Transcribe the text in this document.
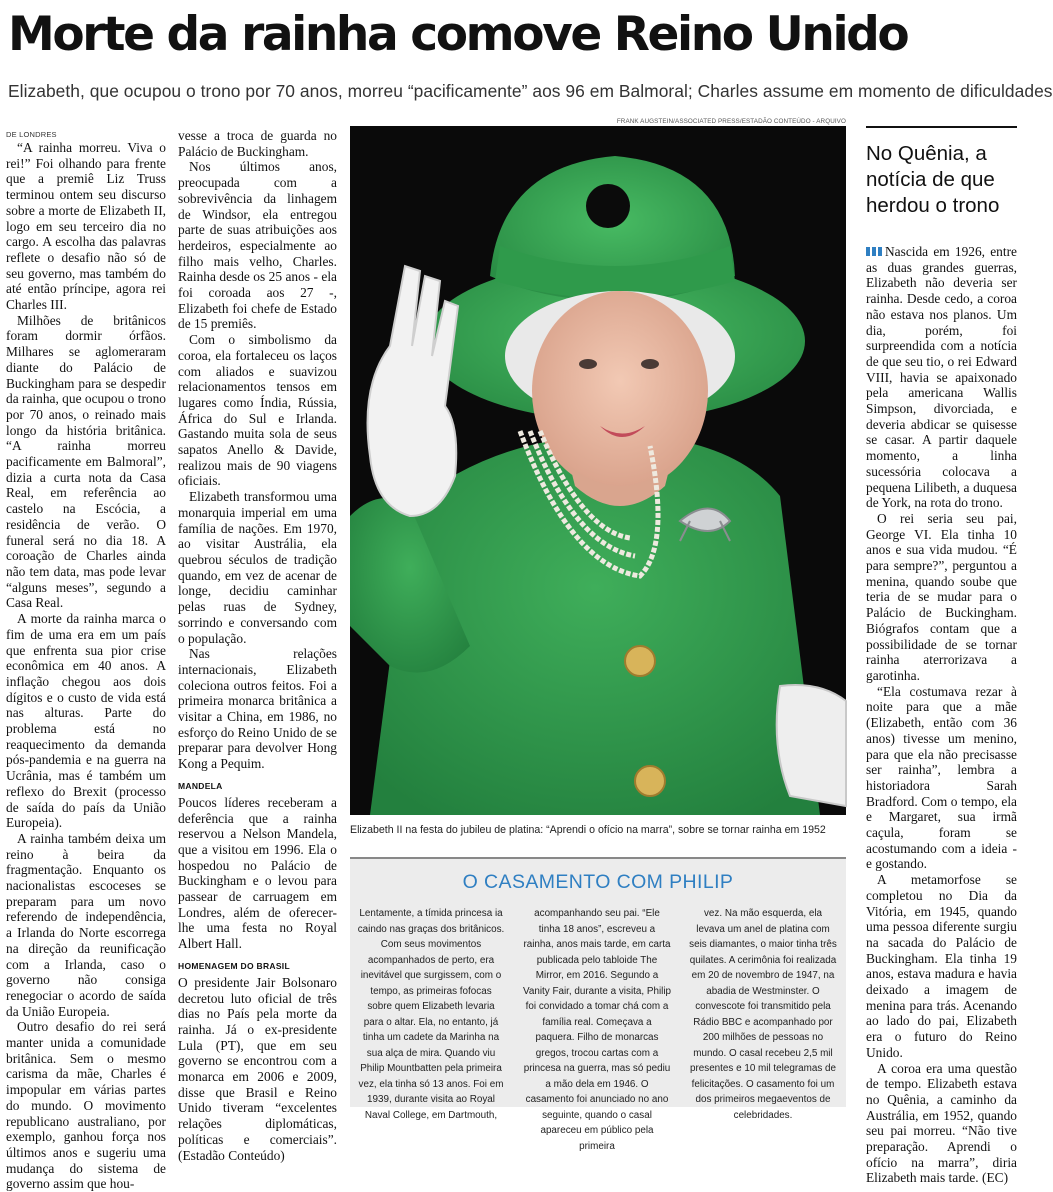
Morte da rainha comove Reino Unido
Elizabeth, que ocupou o trono por 70 anos, morreu “pacificamente” aos 96 em Balmoral; Charles assume em momento de dificuldades
DE LONDRES

“A rainha morreu. Viva o rei!” Foi olhando para frente que a premiê Liz Truss terminou ontem seu discurso sobre a morte de Elizabeth II, logo em seu terceiro dia no cargo. A escolha das palavras reflete o desafio não só de seu governo, mas também do até então príncipe, agora rei Charles III.

Milhões de britânicos foram dormir órfãos. Milhares se aglomeraram diante do Palácio de Buckingham para se despedir da rainha, que ocupou o trono por 70 anos, o reinado mais longo da história britânica. “A rainha morreu pacificamente em Balmoral”, dizia a curta nota da Casa Real, em referência ao castelo na Escócia, a residência de verão. O funeral será no dia 18. A coroação de Charles ainda não tem data, mas pode levar “alguns meses”, segundo a Casa Real.

A morte da rainha marca o fim de uma era em um país que enfrenta sua pior crise econômica em 40 anos. A inflação chegou aos dois dígitos e o custo de vida está nas alturas. Parte do problema está no reaquecimento da demanda pós-pandemia e na guerra na Ucrânia, mas é também um reflexo do Brexit (processo de saída do país da União Europeia).

A rainha também deixa um reino à beira da fragmentação. Enquanto os nacionalistas escoceses se preparam para um novo referendo de independência, a Irlanda do Norte escorrega na direção da reunificação com a Irlanda, caso o governo não consiga renegociar o acordo de saída da União Europeia.

Outro desafio do rei será manter unida a comunidade britânica. Sem o mesmo carisma da mãe, Charles é impopular em várias partes do mundo. O movimento republicano australiano, por exemplo, ganhou força nos últimos anos e sugeriu uma mudança do sistema de governo assim que hou-

vesse a troca de guarda no Palácio de Buckingham.

Nos últimos anos, preocupada com a sobrevivência da linhagem de Windsor, ela entregou parte de suas atribuições aos herdeiros, especialmente ao filho mais velho, Charles. Rainha desde os 25 anos - ela foi coroada aos 27 -, Elizabeth foi chefe de Estado de 15 premiês.

Com o simbolismo da coroa, ela fortaleceu os laços com aliados e suavizou relacionamentos tensos em lugares como Índia, Rússia, África do Sul e Irlanda. Gastando muita sola de seus sapatos Anello & Davide, realizou mais de 90 viagens oficiais.

Elizabeth transformou uma monarquia imperial em uma família de nações. Em 1970, ao visitar Austrália, ela quebrou séculos de tradição quando, em vez de acenar de longe, decidiu caminhar pelas ruas de Sydney, sorrindo e conversando com o população.

Nas relações internacionais, Elizabeth coleciona outros feitos. Foi a primeira monarca britânica a visitar a China, em 1986, no esforço do Reino Unido de se preparar para devolver Hong Kong a Pequim.

MANDELA

Poucos líderes receberam a deferência que a rainha reservou a Nelson Mandela, que a visitou em 1996. Ela o hospedou no Palácio de Buckingham e o levou para passear de carruagem em Londres, além de oferecer-lhe uma festa no Royal Albert Hall.

HOMENAGEM DO BRASIL

O presidente Jair Bolsonaro decretou luto oficial de três dias no País pela morte da rainha. Já o ex-presidente Lula (PT), que em seu governo se encontrou com a monarca em 2006 e 2009, disse que Brasil e Reino Unido tiveram “excelentes relações diplomáticas, políticas e comerciais”. (Estadão Conteúdo)

FRANK AUGSTEIN/ASSOCIATED PRESS/ESTADÃO CONTEÚDO - ARQUIVO
Elizabeth II na festa do jubileu de platina: “Aprendi o ofício na marra”, sobre se tornar rainha em 1952
O CASAMENTO COM PHILIP
Lentamente, a tímida princesa ia caindo nas graças dos britânicos. Com seus movimentos acompanhados de perto, era inevitável que surgissem, com o tempo, as primeiras fofocas sobre quem Elizabeth levaria para o altar. Ela, no entanto, já tinha um cadete da Marinha na sua alça de mira. Quando viu Philip Mountbatten pela primeira vez, ela tinha só 13 anos. Foi em 1939, durante visita ao Royal Naval College, em Dartmouth,
acompanhando seu pai. “Ele tinha 18 anos”, escreveu a rainha, anos mais tarde, em carta publicada pelo tabloide The Mirror, em 2016. Segundo a Vanity Fair, durante a visita, Philip foi convidado a tomar chá com a família real. Começava a paquera. Filho de monarcas gregos, trocou cartas com a princesa na guerra, mas só pediu a mão dela em 1946. O casamento foi anunciado no ano seguinte, quando o casal apareceu em público pela primeira
vez. Na mão esquerda, ela levava um anel de platina com seis diamantes, o maior tinha três quilates. A cerimônia foi realizada em 20 de novembro de 1947, na abadia de Westminster. O convescote foi transmitido pela Rádio BBC e acompanhado por 200 milhões de pessoas no mundo. O casal recebeu 2,5 mil presentes e 10 mil telegramas de felicitações. O casamento foi um dos primeiros megaeventos de celebridades.
No Quênia, a notícia de que herdou o trono

Nascida em 1926, entre as duas grandes guerras, Elizabeth não deveria ser rainha. Desde cedo, a coroa não estava nos planos. Um dia, porém, foi surpreendida com a notícia de que seu tio, o rei Edward VIII, havia se apaixonado pela americana Wallis Simpson, divorciada, e deveria abdicar se quisesse se casar. A partir daquele momento, a linha sucessória colocava a pequena Lilibeth, a duquesa de York, na rota do trono.

O rei seria seu pai, George VI. Ela tinha 10 anos e sua vida mudou. “É para sempre?”, perguntou a menina, quando soube que teria de se mudar para o Palácio de Buckingham. Biógrafos contam que a possibilidade de se tornar rainha aterrorizava a garotinha.

“Ela costumava rezar à noite para que a mãe (Elizabeth, então com 36 anos) tivesse um menino, para que ela não precisasse ser rainha”, lembra a historiadora Sarah Bradford. Com o tempo, ela e Margaret, sua irmã caçula, foram se acostumando com a ideia - e gostando.

A metamorfose se completou no Dia da Vitória, em 1945, quando uma pessoa diferente surgiu na sacada do Palácio de Buckingham. Ela tinha 19 anos, estava madura e havia deixado a imagem de menina para trás. Acenando ao lado do pai, Elizabeth era o futuro do Reino Unido.

A coroa era uma questão de tempo. Elizabeth estava no Quênia, a caminho da Austrália, em 1952, quando seu pai morreu. “Não tive preparação. Aprendi o ofício na marra”, diria Elizabeth mais tarde. (EC)
